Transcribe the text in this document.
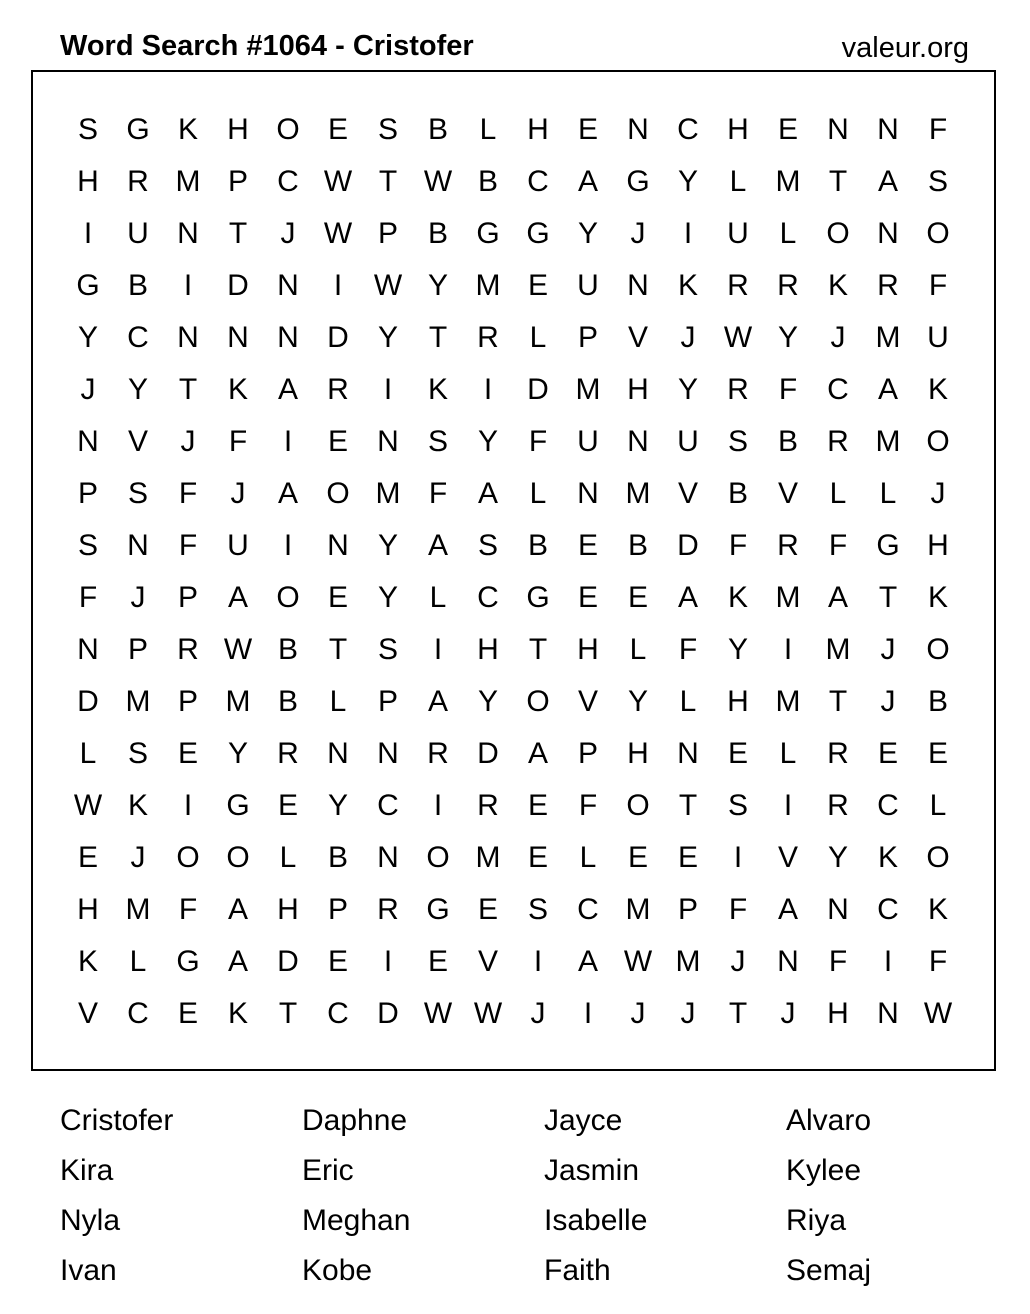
Word Search #1064 - Cristofer	valeur.org
S G K H O E S B	L	H E N C H E N N	F
H R M P C W T W B C A G Y	L M T	A S
I	U N	T	J W P B G G Y	J	I	U	L O N O
G B	I	D N	I	W Y M E U N K R R K R	F
Y C N N N D Y	T	R	L	P V	J W Y	J	M U
J	Y	T	K A R	I	K	I	D M H Y R	F	C A K
N V	J	F	I	E N S Y	F	U N U S B R M O
P S	F	J	A O M F	A	L	N M V B V	L	L	J
S N	F	U	I	N Y A S B E B D	F	R	F G H
F	J	P A O E Y	L	C G E E A K M A	T	K
N P R W B	T	S	I	H	T	H	L	F	Y	I	M	J	O
D M P M B	L	P A Y O V Y	L	H M T	J	B
L	S E Y R N N R D A P H N E	L	R E E
W K	I	G E Y C	I	R E	F O T	S	I	R C	L
E	J	O O L	B N O M E	L	E E	I	V Y K O
H M F	A H P R G E S C M P	F	A N C K
K	L G A D E	I	E V	I	A W M	J	N	F	I	F
V C E K	T	C D W W J	I	J	J	T	J	H N W
Cristofer	Daphne	Jayce	Alvaro
Kira	Eric	Jasmin	Kylee
Nyla	Meghan	Isabelle	Riya
Ivan	Kobe	Faith	Semaj
